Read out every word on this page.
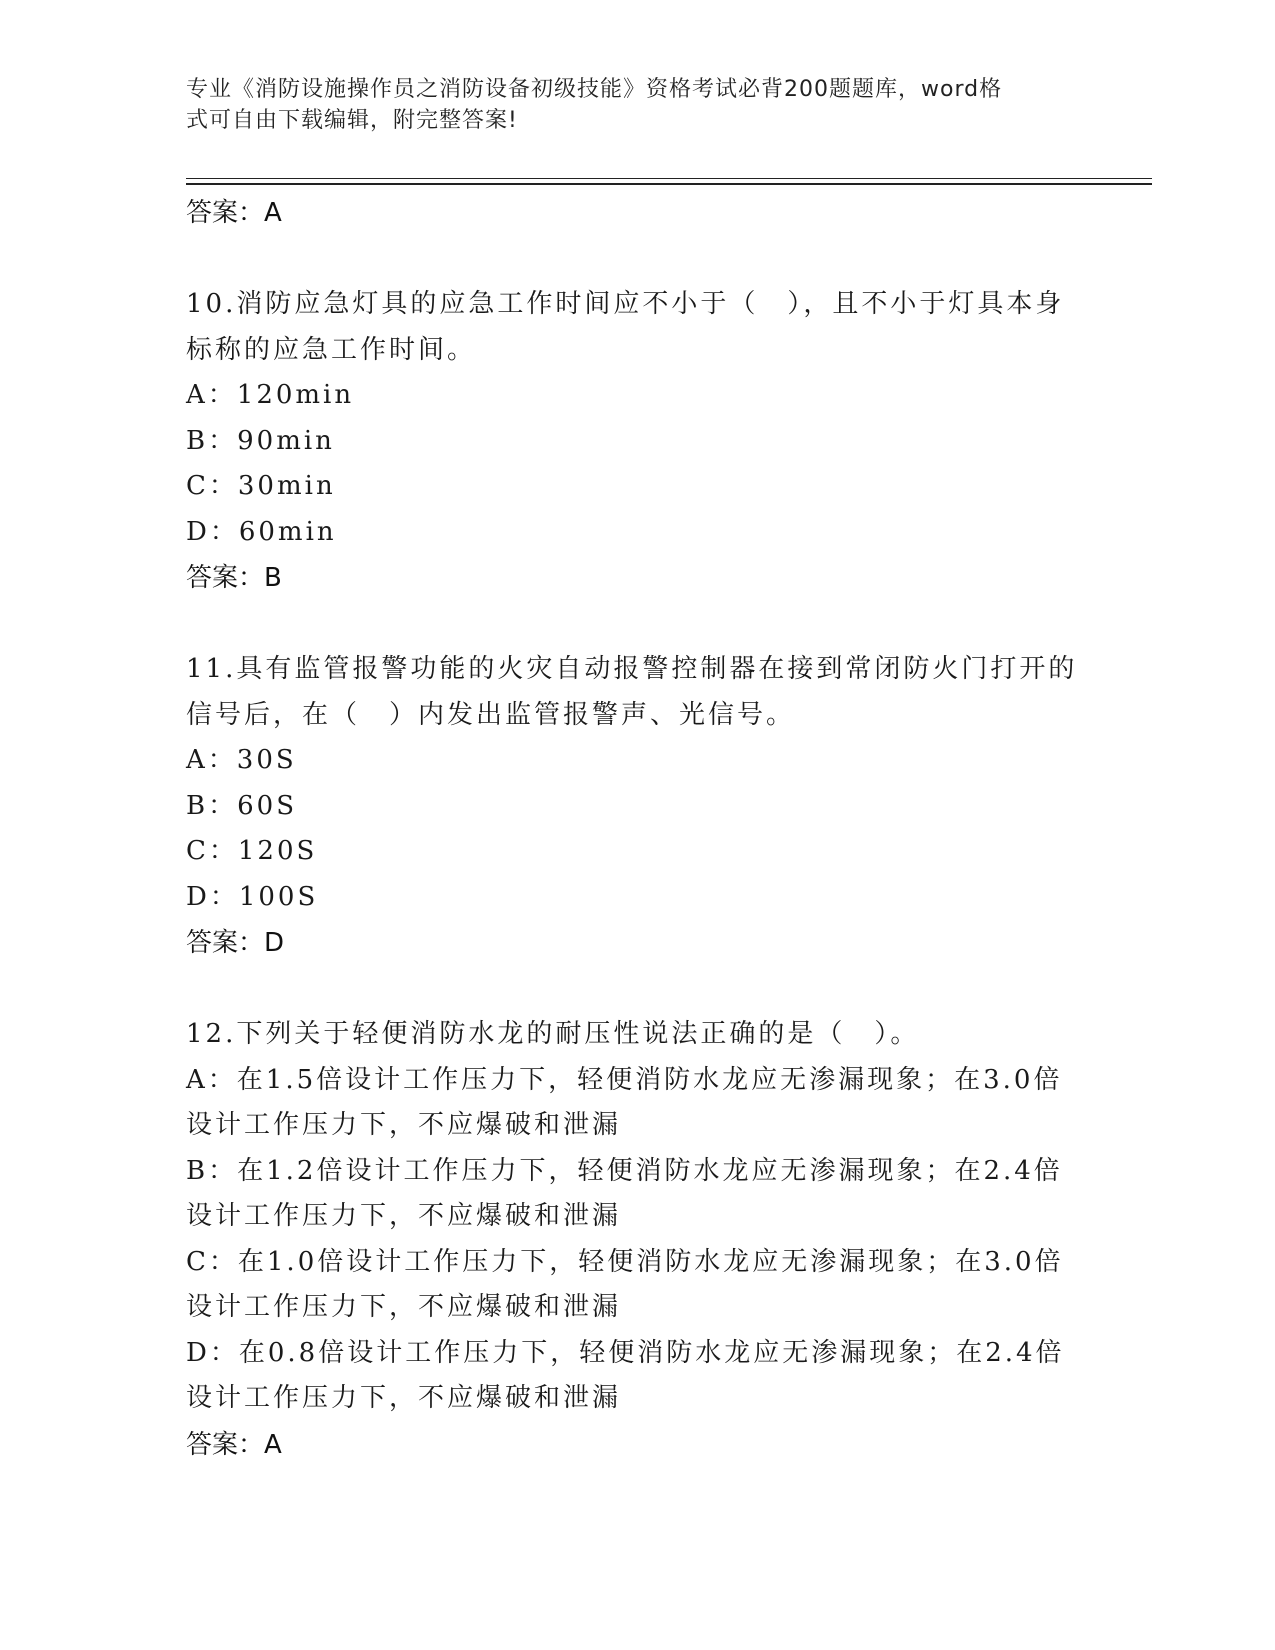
专业《消防设施操作员之消防设备初级技能》资格考试必背200题题库，word格
式可自由下载编辑，附完整答案!
答案：A
10.消防应急灯具的应急工作时间应不小于（　），且不小于灯具本身
标称的应急工作时间。
A：120min
B：90min
C：30min
D：60min
答案：B
11.具有监管报警功能的火灾自动报警控制器在接到常闭防火门打开的
信号后，在（　）内发出监管报警声、光信号。
A：30S
B：60S
C：120S
D：100S
答案：D
12.下列关于轻便消防水龙的耐压性说法正确的是（　）。
A：在1.5倍设计工作压力下，轻便消防水龙应无渗漏现象；在3.0倍
设计工作压力下，不应爆破和泄漏
B：在1.2倍设计工作压力下，轻便消防水龙应无渗漏现象；在2.4倍
设计工作压力下，不应爆破和泄漏
C：在1.0倍设计工作压力下，轻便消防水龙应无渗漏现象；在3.0倍
设计工作压力下，不应爆破和泄漏
D：在0.8倍设计工作压力下，轻便消防水龙应无渗漏现象；在2.4倍
设计工作压力下，不应爆破和泄漏
答案：A
